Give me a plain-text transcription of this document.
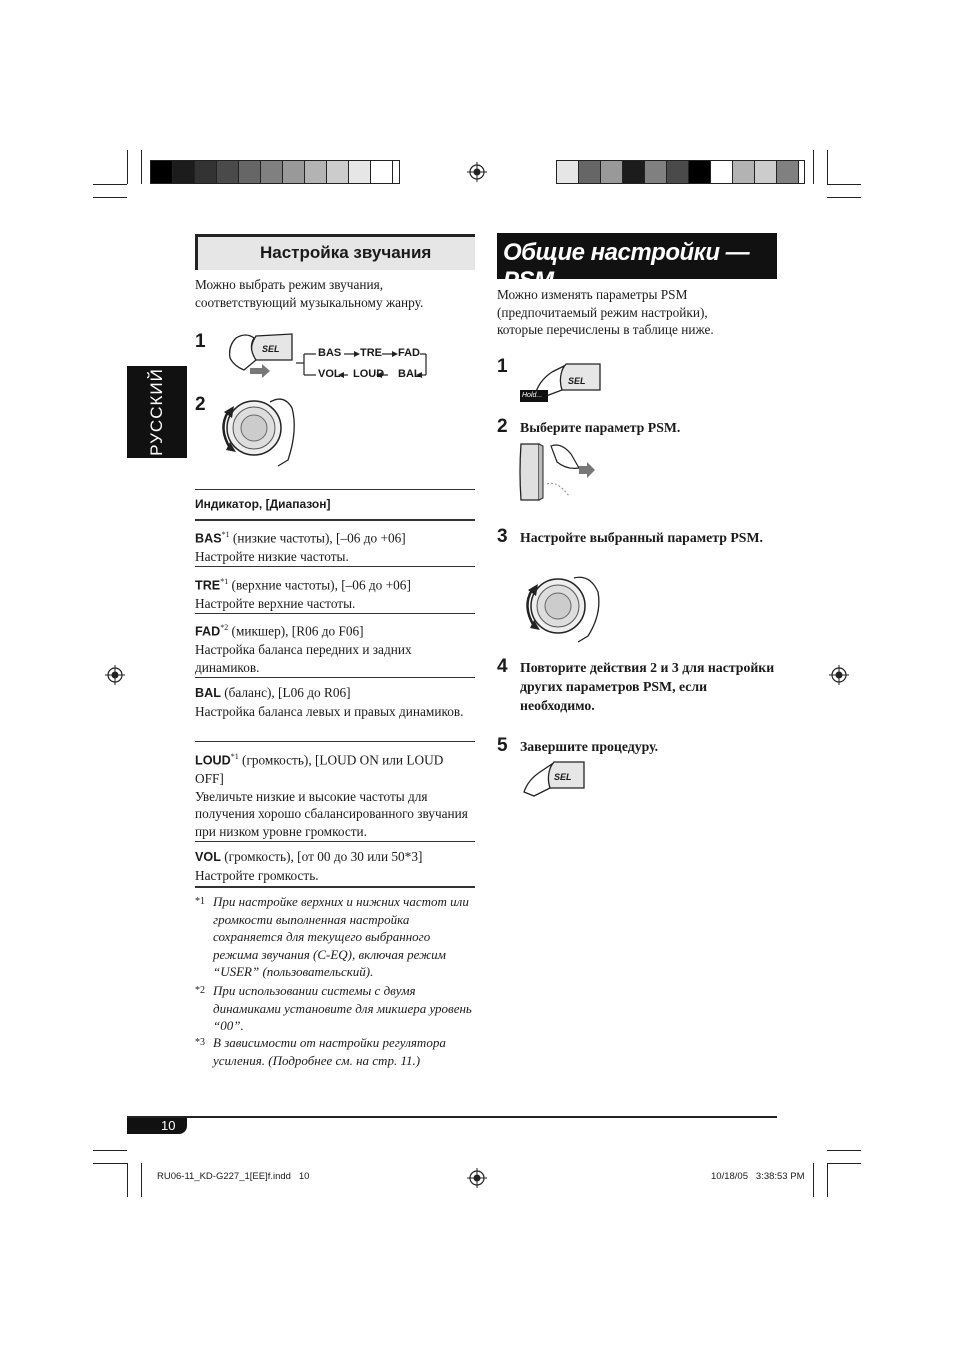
РУССКИЙ
Настройка звучания
Можно выбрать режим звучания, соответствующий музыкальному жанру.
1
2
SEL	BAS TRE FAD
VOL LOUD BAL
Индикатор, [Диапазон]
BAS$^{*1}$ (низкие частоты), [–06 до +06]
Настройте низкие частоты.
TRE$^{*1}$ (верхние частоты), [–06 до +06]
Настройте верхние частоты.
FAD$^{*2}$ (микшер), [R06 до F06]
Настройка баланса передних и задних динамиков.
BAL (баланс), [L06 до R06]
Настройка баланса левых и правых динамиков.
LOUD$^{*1}$ (громкость), [LOUD ON или LOUD OFF]
Увеличьте низкие и высокие частоты для получения хорошо сбалансированного звучания при низком уровне громкости.
VOL (громкость), [от 00 до 30 или 50*3]
Настройте громкость.
*1 При настройке верхних и нижних частот или громкости выполненная настройка сохраняется для текущего выбранного режима звучания (C-EQ), включая режим “USER” (пользовательский).
*2 При использовании системы с двумя динамиками установите для микшера уровень “00”.
*3 В зависимости от настройки регулятора усиления. (Подробнее см. на стр. 11.)
Общие настройки — PSM
Можно изменять параметры PSM (предпочитаемый режим настройки), которые перечислены в таблице ниже.
1
SEL
Hold...
2 Выберите параметр PSM.
3 Настройте выбранный параметр PSM.
4 Повторите действия 2 и 3 для настройки других параметров PSM, если необходимо.
5 Завершите процедуру.
SEL
10
RU06-11_KD-G227_1[EE]f.indd   10	10/18/05   3:38:53 PM
